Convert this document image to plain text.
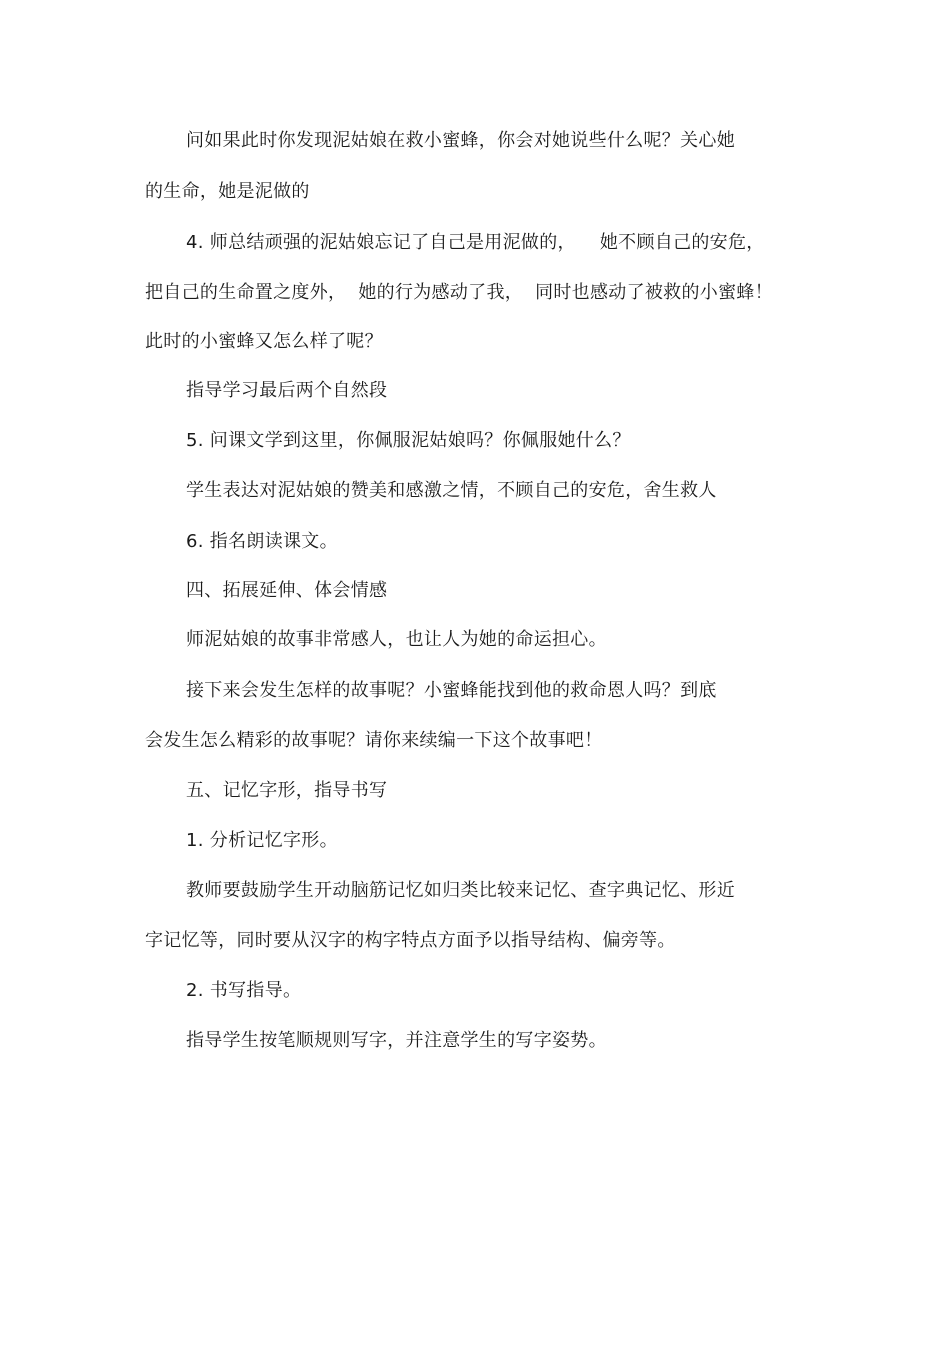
问如果此时你发现泥姑娘在救小蜜蜂，你会对她说些什么呢？关心她
的生命，她是泥做的
4. 师总结顽强的泥姑娘忘记了自己是用泥做的，    她不顾自己的安危，
把自己的生命置之度外，  她的行为感动了我，  同时也感动了被救的小蜜蜂！
此时的小蜜蜂又怎么样了呢？
指导学习最后两个自然段
5. 问课文学到这里，你佩服泥姑娘吗？你佩服她什么？
学生表达对泥姑娘的赞美和感激之情，不顾自己的安危，舍生救人
6. 指名朗读课文。
四、拓展延伸、体会情感
师泥姑娘的故事非常感人，也让人为她的命运担心。
接下来会发生怎样的故事呢？小蜜蜂能找到他的救命恩人吗？到底
会发生怎么精彩的故事呢？请你来续编一下这个故事吧！
五、记忆字形，指导书写
1. 分析记忆字形。
教师要鼓励学生开动脑筋记忆如归类比较来记忆、查字典记忆、形近
字记忆等，同时要从汉字的构字特点方面予以指导结构、偏旁等。
2. 书写指导。
指导学生按笔顺规则写字，并注意学生的写字姿势。
